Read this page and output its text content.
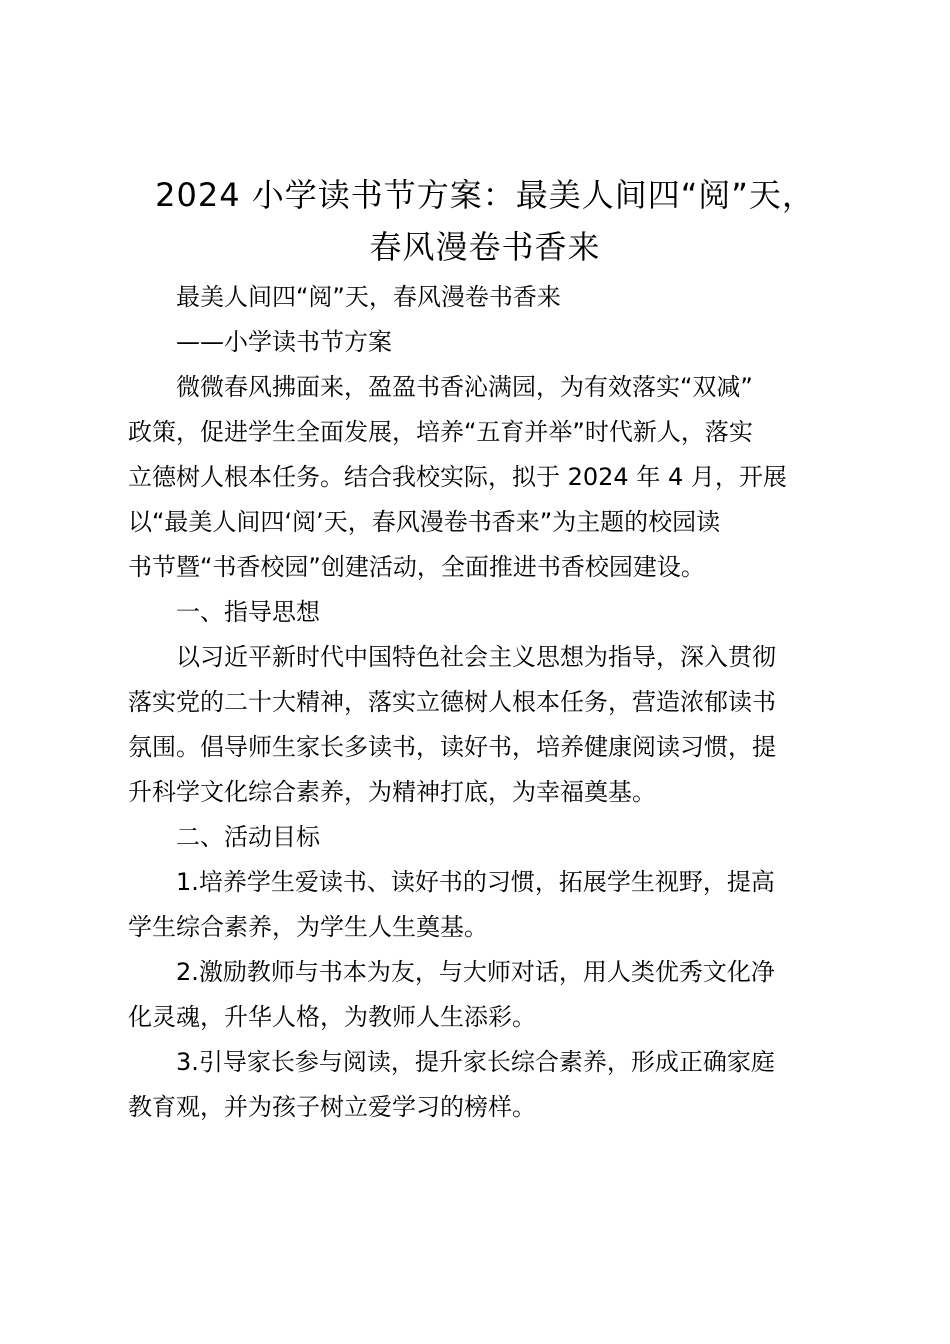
2024 小学读书节方案：最美人间四“阅”天，
春风漫卷书香来

　　最美人间四“阅”天，春风漫卷书香来

　　——小学读书节方案

　　微微春风拂面来，盈盈书香沁满园，为有效落实“双减”

政策，促进学生全面发展，培养“五育并举”时代新人，落实

立德树人根本任务。结合我校实际，拟于 2024 年 4 月，开展

以“最美人间四‘阅’天，春风漫卷书香来”为主题的校园读

书节暨“书香校园”创建活动，全面推进书香校园建设。

　　一、指导思想

　　以习近平新时代中国特色社会主义思想为指导，深入贯彻

落实党的二十大精神，落实立德树人根本任务，营造浓郁读书

氛围。倡导师生家长多读书，读好书，培养健康阅读习惯，提

升科学文化综合素养，为精神打底，为幸福奠基。

　　二、活动目标

　　1.培养学生爱读书、读好书的习惯，拓展学生视野，提高

学生综合素养，为学生人生奠基。

　　2.激励教师与书本为友，与大师对话，用人类优秀文化净

化灵魂，升华人格，为教师人生添彩。

　　3.引导家长参与阅读，提升家长综合素养，形成正确家庭

教育观，并为孩子树立爱学习的榜样。
